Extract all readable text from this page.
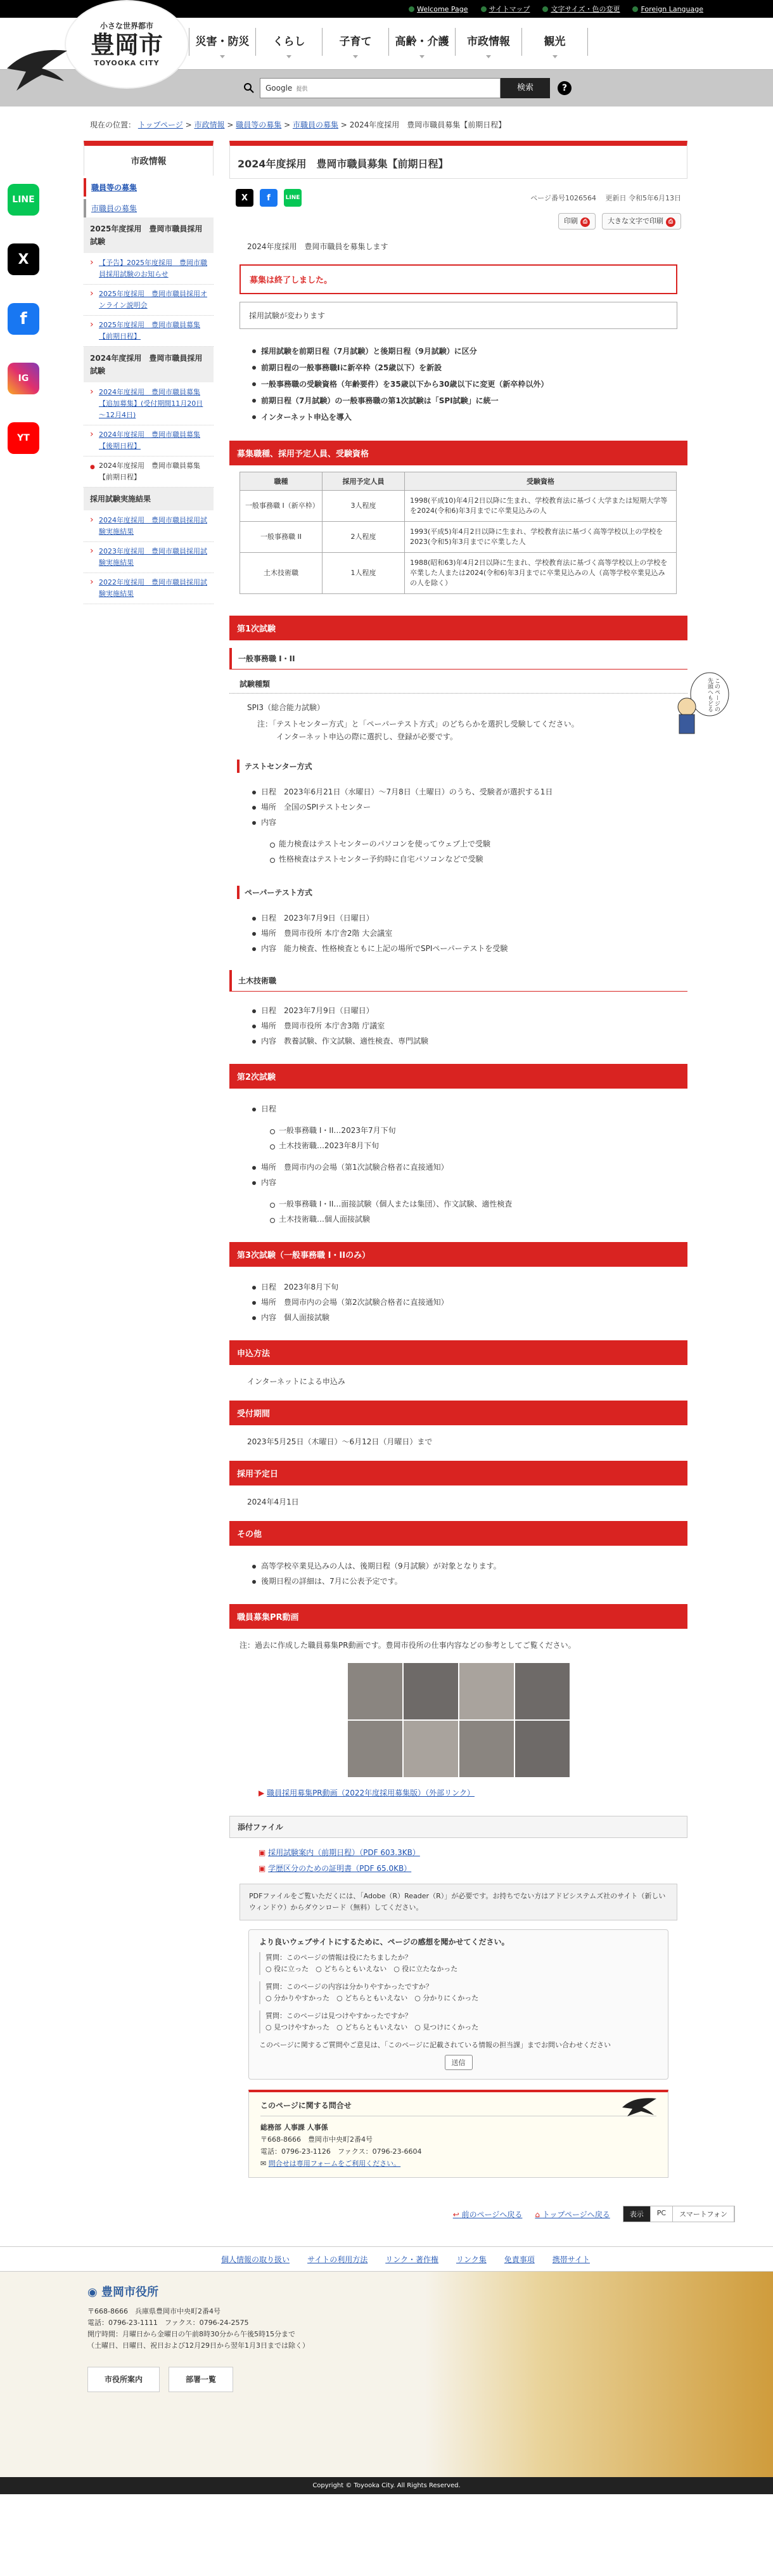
Welcome Page	サイトマップ	文字サイズ・色の変更	Foreign Language
小さな世界都市
豊岡市
TOYOOKA CITY
災害・防災	くらし	子育て	高齢・介護	市政情報	観光
Google 提供	検索	?
現在の位置： トップページ > 市政情報 > 職員等の募集 > 市職員の募集 > 2024年度採用　豊岡市職員募集【前期日程】
LINE
X
f
IG
YT
市政情報
職員等の募集
市職員の募集
2025年度採用　豊岡市職員採用試験
› 【予告】2025年度採用　豊岡市職員採用試験のお知らせ
› 2025年度採用　豊岡市職員採用オンライン説明会
› 2025年度採用　豊岡市職員募集【前期日程】
2024年度採用　豊岡市職員採用試験
› 2024年度採用　豊岡市職員募集【追加募集】(受付期間11月20日～12月4日)
› 2024年度採用　豊岡市職員募集【後期日程】
● 2024年度採用　豊岡市職員募集【前期日程】
採用試験実施結果
› 2024年度採用　豊岡市職員採用試験実施結果
› 2023年度採用　豊岡市職員採用試験実施結果
› 2022年度採用　豊岡市職員採用試験実施結果
2024年度採用　豊岡市職員募集【前期日程】
X	f	LINE	ページ番号1026564　 更新日 令和5年6月13日
印刷 ⎙	大きな文字で印刷 ⎙
2024年度採用　豊岡市職員を募集します
募集は終了しました。
採用試験が変わります
採用試験を前期日程（7月試験）と後期日程（9月試験）に区分
前期日程の一般事務職Iに新卒枠（25歳以下）を新設
一般事務職の受験資格（年齢要件）を35歳以下から30歳以下に変更（新卒枠以外）
前期日程（7月試験）の一般事務職の第1次試験は「SPI試験」に統一
インターネット申込を導入
募集職種、採用予定人員、受験資格
職種	採用予定人員	受験資格
一般事務職 I（新卒枠）	3人程度	1998(平成10)年4月2日以降に生まれ、学校教育法に基づく大学または短期大学等を2024(令和6)年3月までに卒業見込みの人
一般事務職 II	2人程度	1993(平成5)年4月2日以降に生まれ、学校教育法に基づく高等学校以上の学校を2023(令和5)年3月までに卒業した人
土木技術職	1人程度	1988(昭和63)年4月2日以降に生まれ、学校教育法に基づく高等学校以上の学校を卒業した人または2024(令和6)年3月までに卒業見込みの人（高等学校卒業見込みの人を除く）
第1次試験
一般事務職 I・II
試験種類
SPI3（総合能力試験）
注：「テストセンター方式」と「ペーパーテスト方式」のどちらかを選択し受験してください。
インターネット申込の際に選択し、登録が必要です。
テストセンター方式
日程　2023年6月21日（水曜日）～7月8日（土曜日）のうち、受験者が選択する1日
場所　全国のSPIテストセンター
内容
能力検査はテストセンターのパソコンを使ってウェブ上で受験
性格検査はテストセンター予約時に自宅パソコンなどで受験
ペーパーテスト方式
日程　2023年7月9日（日曜日）
場所　豊岡市役所 本庁舎2階 大会議室
内容　能力検査、性格検査ともに上記の場所でSPIペーパーテストを受験
土木技術職
日程　2023年7月9日（日曜日）
場所　豊岡市役所 本庁舎3階 庁議室
内容　教養試験、作文試験、適性検査、専門試験
第2次試験
日程
一般事務職 I・II…2023年7月下旬
土木技術職…2023年8月下旬
場所　豊岡市内の会場（第1次試験合格者に直接通知）
内容
一般事務職 I・II…面接試験（個人または集団）、作文試験、適性検査
土木技術職…個人面接試験
第3次試験（一般事務職 I・IIのみ）
日程　2023年8月下旬
場所　豊岡市内の会場（第2次試験合格者に直接通知）
内容　個人面接試験
申込方法
インターネットによる申込み
受付期間
2023年5月25日（木曜日）～6月12日（月曜日）まで
採用予定日
2024年4月1日
その他
高等学校卒業見込みの人は、後期日程（9月試験）が対象となります。
後期日程の詳細は、7月に公表予定です。
職員募集PR動画
注：過去に作成した職員募集PR動画です。豊岡市役所の仕事内容などの参考としてご覧ください。
▶ 職員採用募集PR動画（2022年度採用募集版）（外部リンク）
添付ファイル
▣ 採用試験案内（前期日程）（PDF 603.3KB）
▣ 学歴区分のための証明書（PDF 65.0KB）
PDFファイルをご覧いただくには、「Adobe（R）Reader（R）」が必要です。お持ちでない方はアドビシステムズ社のサイト（新しいウィンドウ）からダウンロード（無料）してください。
より良いウェブサイトにするために、ページの感想を聞かせてください。
質問：このページの情報は役にたちましたか？
○ 役に立った　○ どちらともいえない　○ 役に立たなかった
質問：このページの内容は分かりやすかったですか？
○ 分かりやすかった　○ どちらともいえない　○ 分かりにくかった
質問：このページは見つけやすかったですか？
○ 見つけやすかった　○ どちらともいえない　○ 見つけにくかった
このページに関するご質問やご意見は、「このページに記載されている情報の担当課」までお問い合わせください
送信
このページに関する問合せ
総務部 人事課 人事係
〒668-8666　豊岡市中央町2番4号
電話：0796-23-1126　ファクス：0796-23-6604
✉ 問合せは専用フォームをご利用ください。
このページの先頭へもどる
↩ 前のページへ戻る ⌂ トップページへ戻る	表示	PC	スマートフォン
個人情報の取り扱い サイトの利用方法 リンク・著作権 リンク集 免責事項 携帯サイト
◉ 豊岡市役所
〒668-8666　兵庫県豊岡市中央町2番4号
電話：0796-23-1111　ファクス：0796-24-2575
開庁時間：月曜日から金曜日の午前8時30分から午後5時15分まで
（土曜日、日曜日、祝日および12月29日から翌年1月3日までは除く）
市役所案内	部署一覧
Copyright © Toyooka City. All Rights Reserved.
